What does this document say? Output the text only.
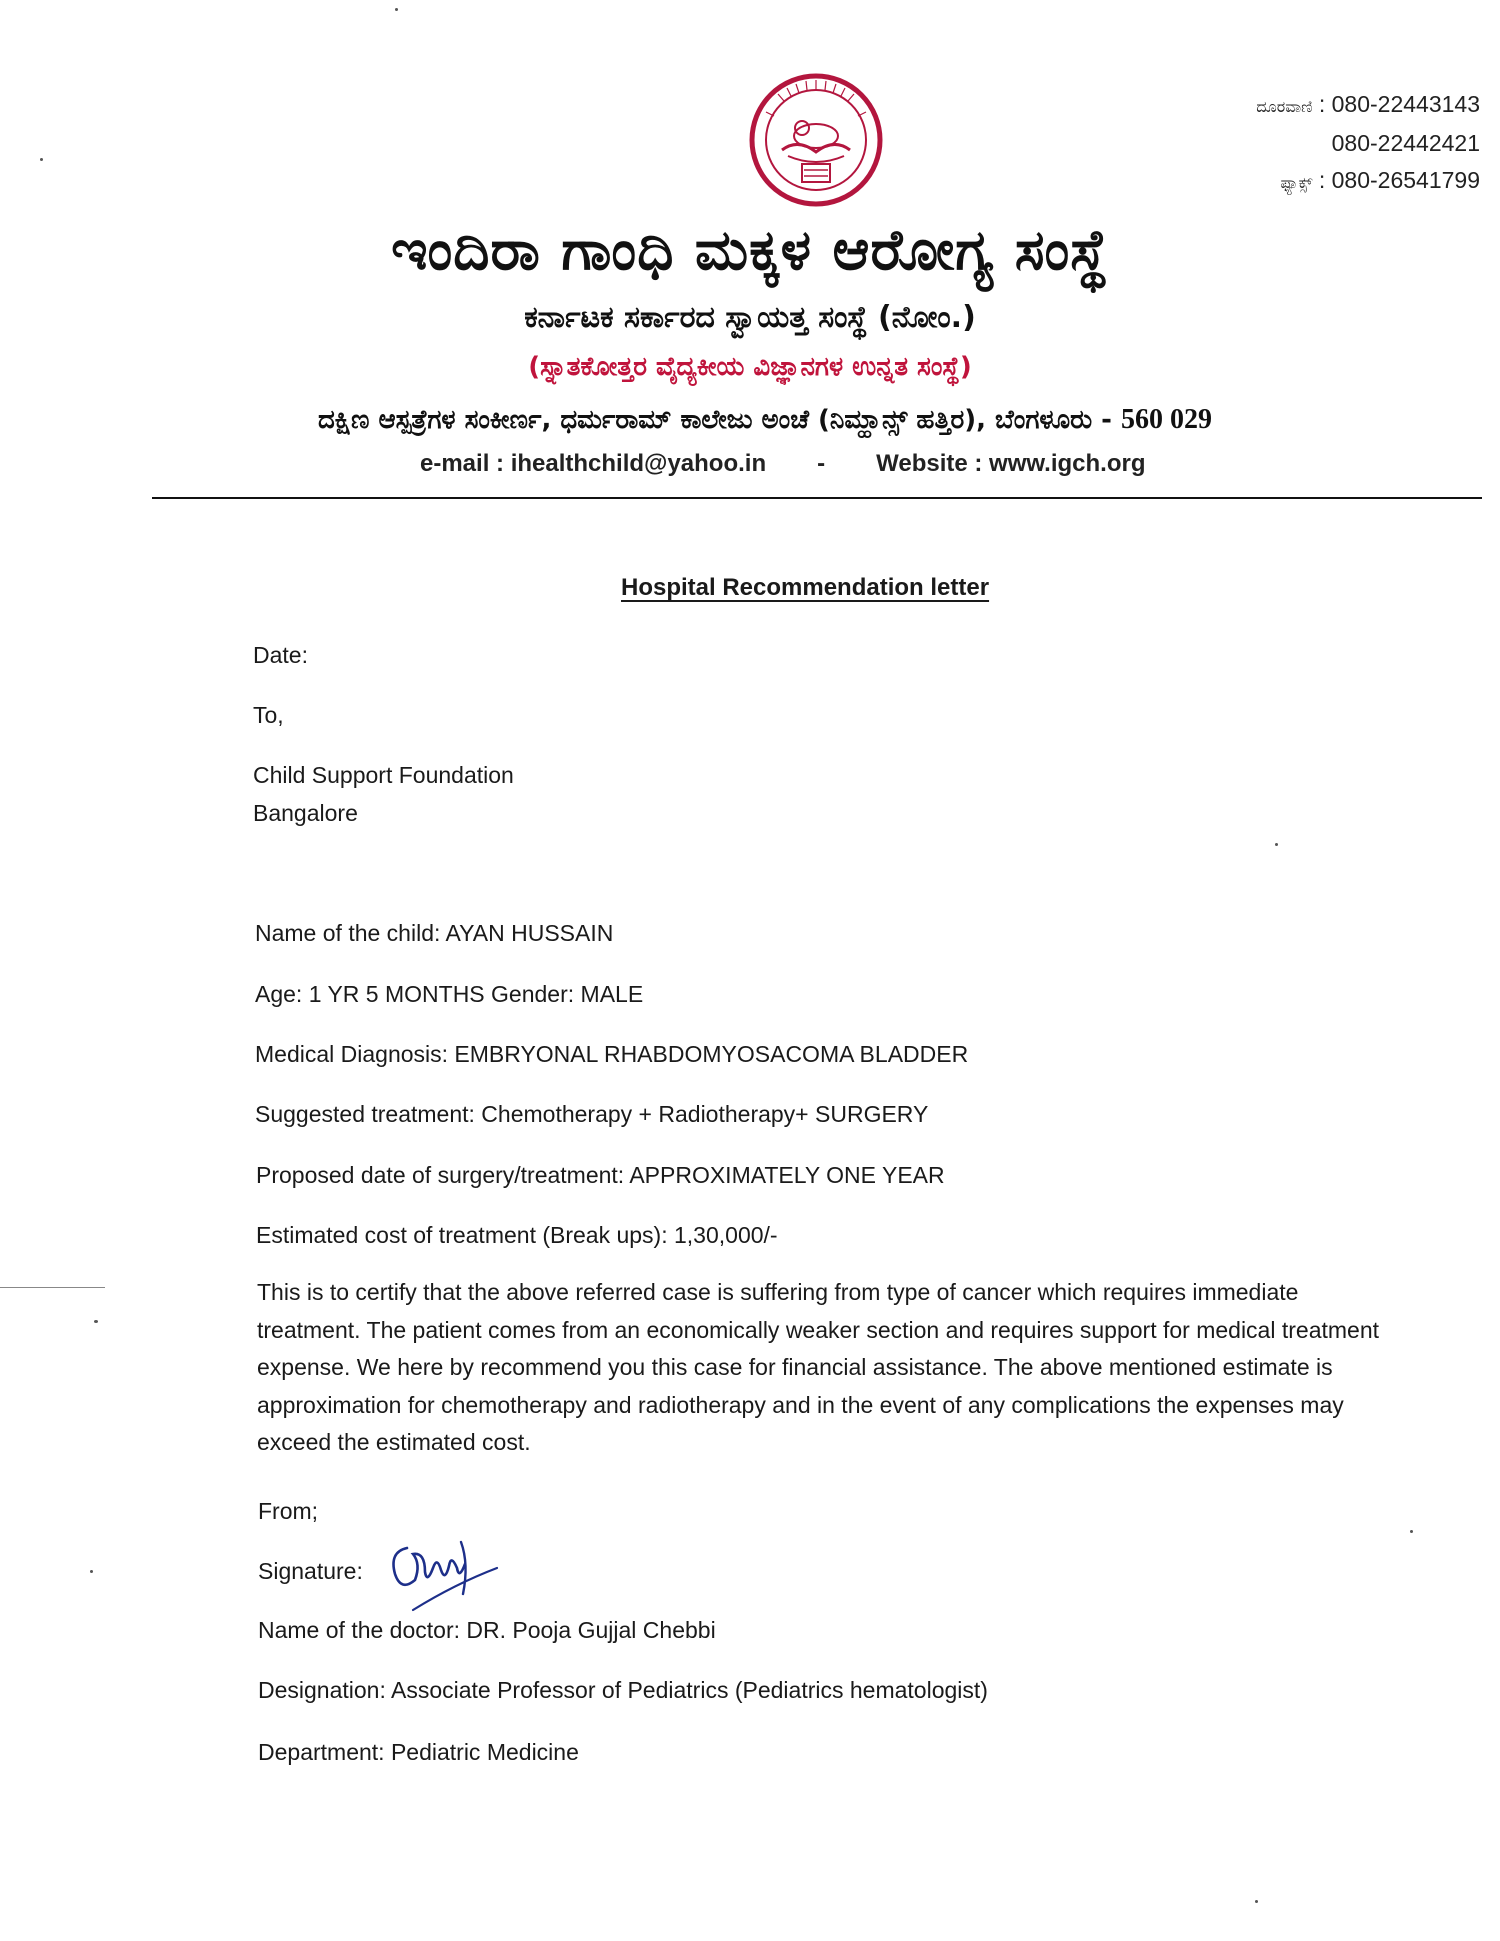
ದೂರವಾಣಿ : 080-22443143
080-22442421
ಫ್ಯಾಕ್ಸ್ : 080-26541799
ಇಂದಿರಾ ಗಾಂಧಿ ಮಕ್ಕಳ ಆರೋಗ್ಯ ಸಂಸ್ಥೆ
ಕರ್ನಾಟಕ ಸರ್ಕಾರದ ಸ್ವಾಯತ್ತ ಸಂಸ್ಥೆ (ನೋಂ.)
(ಸ್ನಾತಕೋತ್ತರ ವೈದ್ಯಕೀಯ ವಿಜ್ಞಾನಗಳ ಉನ್ನತ ಸಂಸ್ಥೆ)
ದಕ್ಷಿಣ ಆಸ್ಪತ್ರೆಗಳ ಸಂಕೀರ್ಣ, ಧರ್ಮರಾಮ್ ಕಾಲೇಜು ಅಂಚೆ (ನಿಮ್ಹಾನ್ಸ್ ಹತ್ತಿರ), ಬೆಂಗಳೂರು - 560 029
e-mail : ihealthchild@yahoo.in - Website : www.igch.org
Hospital Recommendation letter
Date:
To,
Child Support Foundation
Bangalore
Name of the child: AYAN HUSSAIN
Age: 1 YR 5 MONTHS Gender: MALE
Medical Diagnosis: EMBRYONAL RHABDOMYOSACOMA BLADDER
Suggested treatment: Chemotherapy + Radiotherapy+ SURGERY
Proposed date of surgery/treatment: APPROXIMATELY ONE YEAR
Estimated cost of treatment (Break ups): 1,30,000/-
This is to certify that the above referred case is suffering from type of cancer which requires immediate treatment. The patient comes from an economically weaker section and requires support for medical treatment expense. We here by recommend you this case for financial assistance. The above mentioned estimate is approximation for chemotherapy and radiotherapy and in the event of any complications the expenses may exceed the estimated cost.
From;
Signature:
Name of the doctor: DR. Pooja Gujjal Chebbi
Designation: Associate Professor of Pediatrics (Pediatrics hematologist)
Department: Pediatric Medicine
